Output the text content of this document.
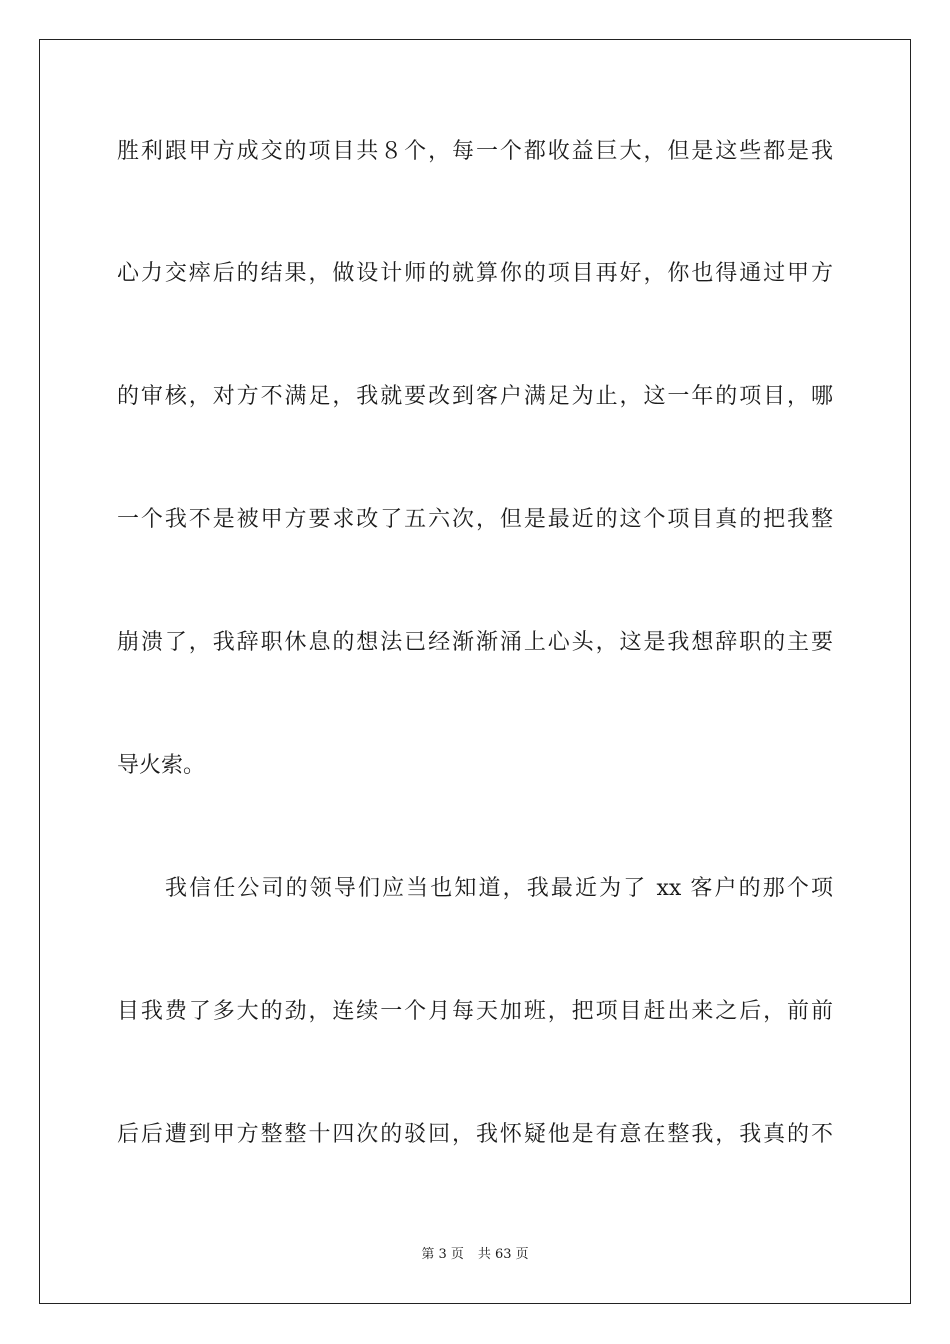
胜利跟甲方成交的项目共８个，每一个都收益巨大，但是这些都是我
心力交瘁后的结果，做设计师的就算你的项目再好，你也得通过甲方
的审核，对方不满足，我就要改到客户满足为止，这一年的项目，哪
一个我不是被甲方要求改了五六次，但是最近的这个项目真的把我整
崩溃了，我辞职休息的想法已经渐渐涌上心头，这是我想辞职的主要
导火索。
我信任公司的领导们应当也知道，我最近为了 xx 客户的那个项
目我费了多大的劲，连续一个月每天加班，把项目赶出来之后，前前
后后遭到甲方整整十四次的驳回，我怀疑他是有意在整我，我真的不
第 3 页 共 63 页
